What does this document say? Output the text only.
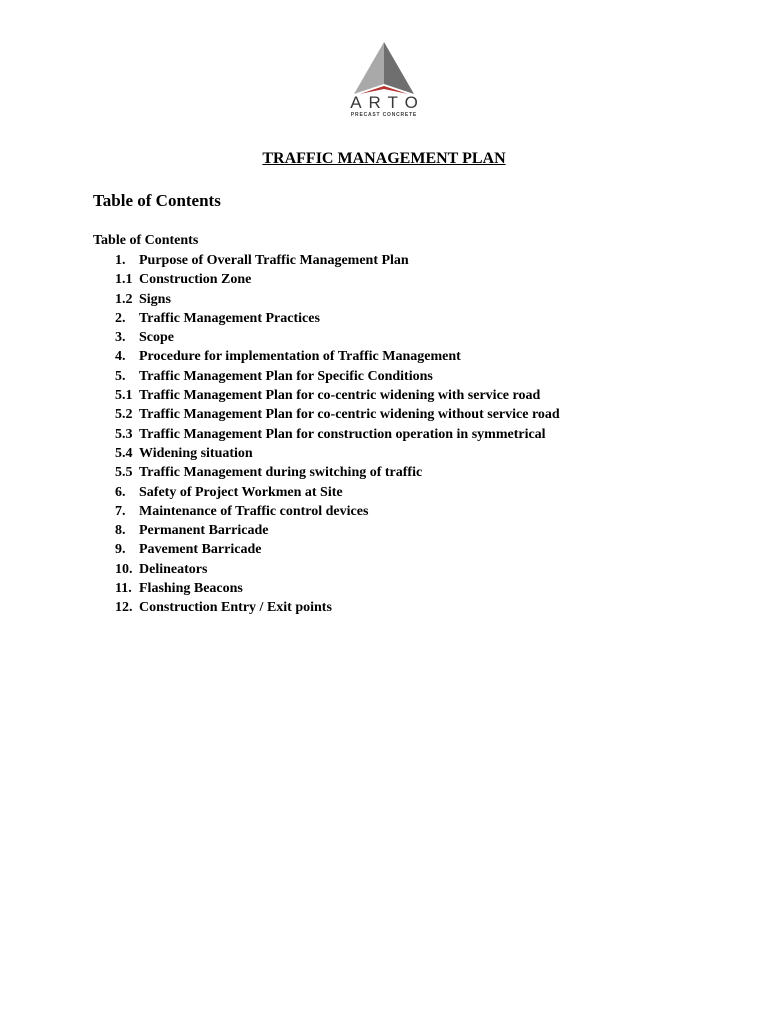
ARTO
PRECAST CONCRETE
TRAFFIC MANAGEMENT PLAN
Table of Contents
Table of Contents
1. Purpose of Overall Traffic Management Plan
1.1 Construction Zone
1.2 Signs
2. Traffic Management Practices
3. Scope
4. Procedure for implementation of Traffic Management
5. Traffic Management Plan for Specific Conditions
5.1 Traffic Management Plan for co-centric widening with service road
5.2 Traffic Management Plan for co-centric widening without service road
5.3 Traffic Management Plan for construction operation in symmetrical
5.4 Widening situation
5.5 Traffic Management during switching of traffic
6. Safety of Project Workmen at Site
7. Maintenance of Traffic control devices
8. Permanent Barricade
9. Pavement Barricade
10. Delineators
11. Flashing Beacons
12. Construction Entry / Exit points
